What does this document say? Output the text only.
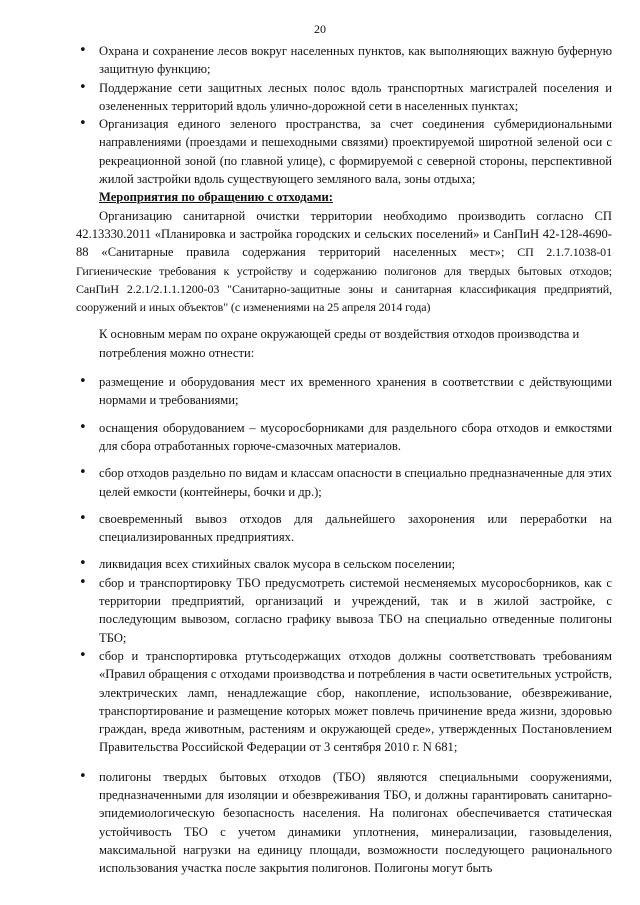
20
• Охрана и сохранение лесов вокруг населенных пунктов, как выполняющих важную буферную защитную функцию;
• Поддержание сети защитных лесных полос вдоль транспортных магистралей поселения и озелененных территорий вдоль улично-дорожной сети в населенных пунктах;
• Организация единого зеленого пространства, за счет соединения субмеридиональными направлениями (проездами и пешеходными связями) проектируемой широтной зеленой оси с рекреационной зоной (по главной улице), с формируемой с северной стороны, перспективной жилой застройки вдоль существующего земляного вала, зоны отдыха;
Мероприятия по обращению с отходами:

Организацию санитарной очистки территории необходимо производить согласно СП 42.13330.2011 «Планировка и застройка городских и сельских поселений» и СанПиН 42-128-4690-88 «Санитарные правила содержания территорий населенных мест»; СП 2.1.7.1038-01 Гигиенические требования к устройству и содержанию полигонов для твердых бытовых отходов; СанПиН 2.2.1/2.1.1.1200-03 "Санитарно-защитные зоны и санитарная классификация предприятий, сооружений и иных объектов" (с изменениями на 25 апреля 2014 года)

К основным мерам по охране окружающей среды от воздействия отходов производства и потребления можно отнести:

• размещение и оборудования мест их временного хранения в соответствии с действующими нормами и требованиями;
• оснащения оборудованием – мусоросборниками для раздельного сбора отходов и емкостями для сбора отработанных горюче-смазочных материалов.
• сбор отходов раздельно по видам и классам опасности в специально предназначенные для этих целей емкости (контейнеры, бочки и др.);
• своевременный вывоз отходов для дальнейшего захоронения или переработки на специализированных предприятиях.
• ликвидация всех стихийных свалок мусора в сельском поселении;
• сбор и транспортировку ТБО предусмотреть системой несменяемых мусоросборников, как с территории предприятий, организаций и учреждений, так и в жилой застройке, с последующим вывозом, согласно графику вывоза ТБО на специально отведенные полигоны ТБО;
• сбор и транспортировка ртутьсодержащих отходов должны соответствовать требованиям «Правил обращения с отходами производства и потребления в части осветительных устройств, электрических ламп, ненадлежащие сбор, накопление, использование, обезвреживание, транспортирование и размещение которых может повлечь причинение вреда жизни, здоровью граждан, вреда животным, растениям и окружающей среде», утвержденных Постановлением Правительства Российской Федерации от 3 сентября 2010 г. N 681;
• полигоны твердых бытовых отходов (ТБО) являются специальными сооружениями, предназначенными для изоляции и обезвреживания ТБО, и должны гарантировать санитарно-эпидемиологическую безопасность населения. На полигонах обеспечивается статическая устойчивость ТБО с учетом динамики уплотнения, минерализации, газовыделения, максимальной нагрузки на единицу площади, возможности последующего рационального использования участка после закрытия полигонов. Полигоны могут быть
